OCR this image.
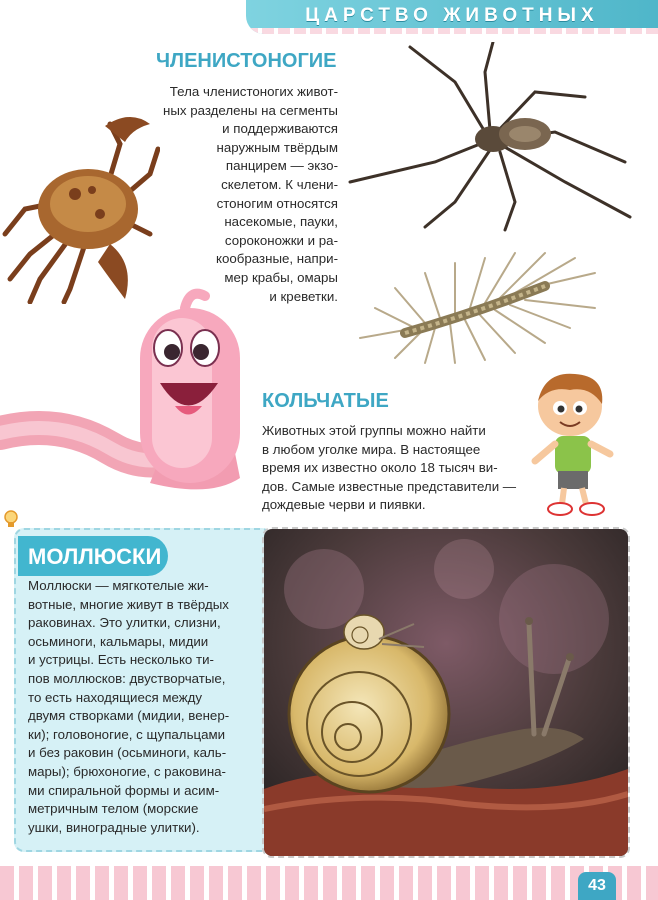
ЦАРСТВО ЖИВОТНЫХ
ЧЛЕНИСТОНОГИЕ
Тела членистоногих живот-
ных разделены на сегменты
и поддерживаются
наружным твёрдым
панцирем — экзо-
скелетом. К члени-
стоногим относятся
насекомые, пауки,
сороконожки и ра-
кообразные, напри-
мер крабы, омары
и креветки.
КОЛЬЧАТЫЕ
Животных этой группы можно найти
в любом уголке мира. В настоящее
время их известно около 18 тысяч ви-
дов. Самые известные представители —
дождевые черви и пиявки.
МОЛЛЮСКИ
Моллюски — мягкотелые жи-
вотные, многие живут в твёрдых
раковинах. Это улитки, слизни,
осьминоги, кальмары, мидии
и устрицы. Есть несколько ти-
пов моллюсков: двустворчатые,
то есть находящиеся между
двумя створками (мидии, венер-
ки); головоногие, с щупальцами
и без раковин (осьминоги, каль-
мары); брюхоногие, с раковина-
ми спиральной формы и асим-
метричным телом (морские
ушки, виноградные улитки).
43
